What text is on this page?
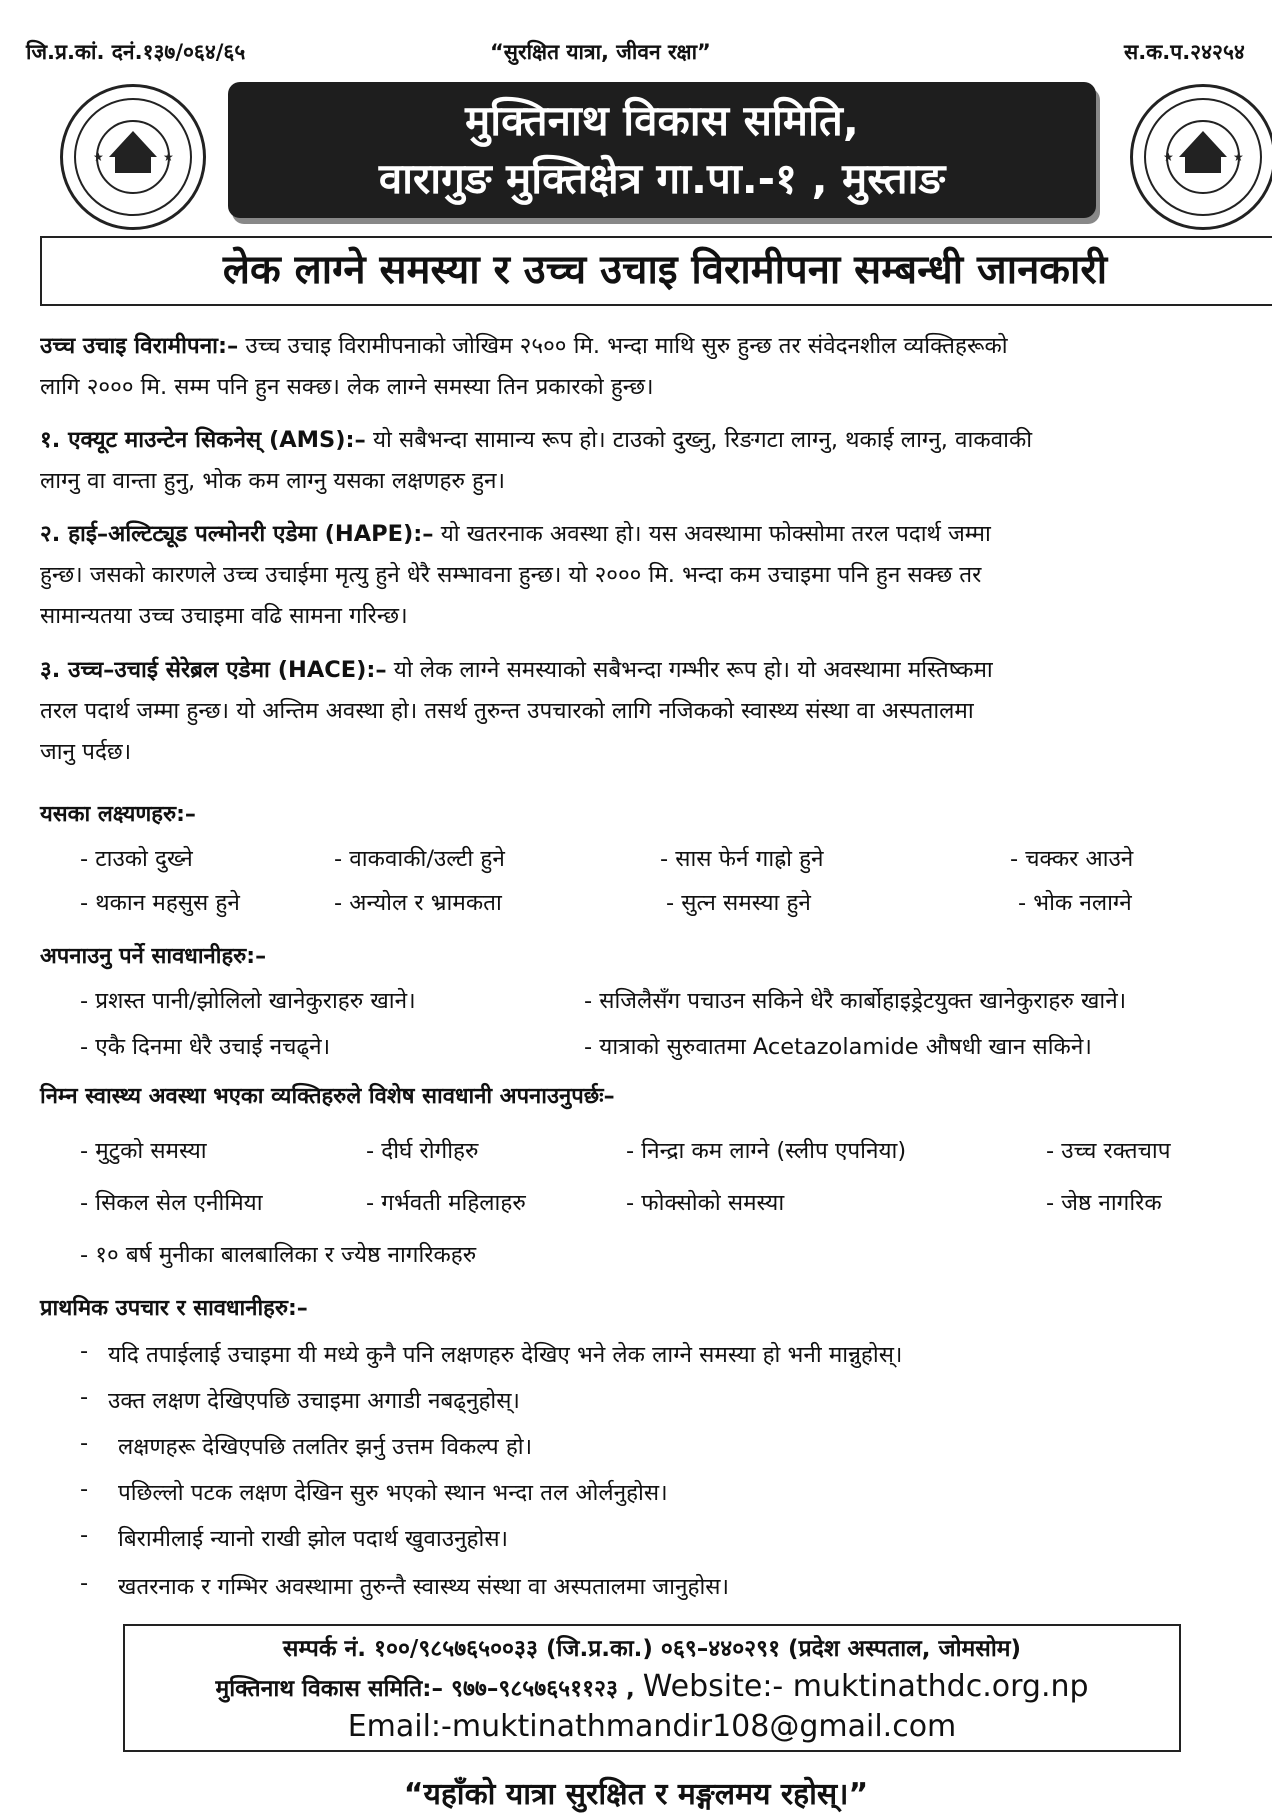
जि.प्र.कां. दनं.१३७/०६४/६५	“सुरक्षित यात्रा, जीवन रक्षा”	स.क.प.२४२५४
★	★	★	★
मुक्तिनाथ विकास समिति,
वारागुङ मुक्तिक्षेत्र गा.पा.-१ , मुस्ताङ
लेक लाग्ने समस्या र उच्च उचाइ विरामीपना सम्बन्धी जानकारी
उच्च उचाइ विरामीपना:– उच्च उचाइ विरामीपनाको जोखिम २५०० मि. भन्दा माथि सुरु हुन्छ तर संवेदनशील व्यक्तिहरूको
लागि २००० मि. सम्म पनि हुन सक्छ। लेक लाग्ने समस्या तिन प्रकारको हुन्छ।
१. एक्यूट माउन्टेन सिकनेस् (AMS):– यो सबैभन्दा सामान्य रूप हो। टाउको दुख्नु, रिङगटा लाग्नु, थकाई लाग्नु, वाकवाकी
लाग्नु वा वान्ता हुनु, भोक कम लाग्नु यसका लक्षणहरु हुन।
२. हाई–अल्टिट्यूड पल्मोनरी एडेमा (HAPE):– यो खतरनाक अवस्था हो। यस अवस्थामा फोक्सोमा तरल पदार्थ जम्मा
हुन्छ। जसको कारणले उच्च उचाईमा मृत्यु हुने धेरै सम्भावना हुन्छ। यो २००० मि. भन्दा कम उचाइमा पनि हुन सक्छ तर
सामान्यतया उच्च उचाइमा वढि सामना गरिन्छ।
३. उच्च–उचाई सेरेब्रल एडेमा (HACE):– यो लेक लाग्ने समस्याको सबैभन्दा गम्भीर रूप हो। यो अवस्थामा मस्तिष्कमा
तरल पदार्थ जम्मा हुन्छ। यो अन्तिम अवस्था हो। तसर्थ तुरुन्त उपचारको लागि नजिकको स्वास्थ्य संस्था वा अस्पतालमा
जानु पर्दछ।
यसका लक्ष्यणहरु:–
- टाउको दुख्ने	- वाकवाकी/उल्टी हुने	- सास फेर्न गाह्रो हुने	- चक्कर आउने
- थकान महसुस हुने	- अन्योल र भ्रामकता	- सुत्न समस्या हुने	- भोक नलाग्ने
अपनाउनु पर्ने सावधानीहरु:–
- प्रशस्त पानी/झोलिलो खानेकुराहरु खाने।	- सजिलैसँग पचाउन सकिने धेरै कार्बोहाइड्रेटयुक्त खानेकुराहरु खाने।
- एकै दिनमा धेरै उचाई नचढ्ने।	- यात्राको सुरुवातमा Acetazolamide औषधी खान सकिने।
निम्न स्वास्थ्य अवस्था भएका व्यक्तिहरुले विशेष सावधानी अपनाउनुपर्छः–
- मुटुको समस्या	- दीर्घ रोगीहरु	- निन्द्रा कम लाग्ने (स्लीप एपनिया)	- उच्च रक्तचाप
- सिकल सेल एनीमिया	- गर्भवती महिलाहरु	- फोक्सोको समस्या	- जेष्ठ नागरिक
- १० बर्ष मुनीका बालबालिका र ज्येष्ठ नागरिकहरु
प्राथमिक उपचार र सावधानीहरु:–
- यदि तपाईलाई उचाइमा यी मध्ये कुनै पनि लक्षणहरु देखिए भने लेक लाग्ने समस्या हो भनी मान्नुहोस्।
- उक्त लक्षण देखिएपछि उचाइमा अगाडी नबढ्नुहोस्।
- लक्षणहरू देखिएपछि तलतिर झर्नु उत्तम विकल्प हो।
- पछिल्लो पटक लक्षण देखिन सुरु भएको स्थान भन्दा तल ओर्लनुहोस।
- बिरामीलाई न्यानो राखी झोल पदार्थ खुवाउनुहोस।
- खतरनाक र गम्भिर अवस्थामा तुरुन्तै स्वास्थ्य संस्था वा अस्पतालमा जानुहोस।
सम्पर्क नं. १००/९८५७६५००३३ (जि.प्र.का.) ०६९–४४०२९१ (प्रदेश अस्पताल, जोमसोम)
मुक्तिनाथ विकास समिति:– ९७७–९८५७६५११२३ , Website:- muktinathdc.org.np
Email:-muktinathmandir108@gmail.com
“यहाँको यात्रा सुरक्षित र मङ्गलमय रहोस्।”
